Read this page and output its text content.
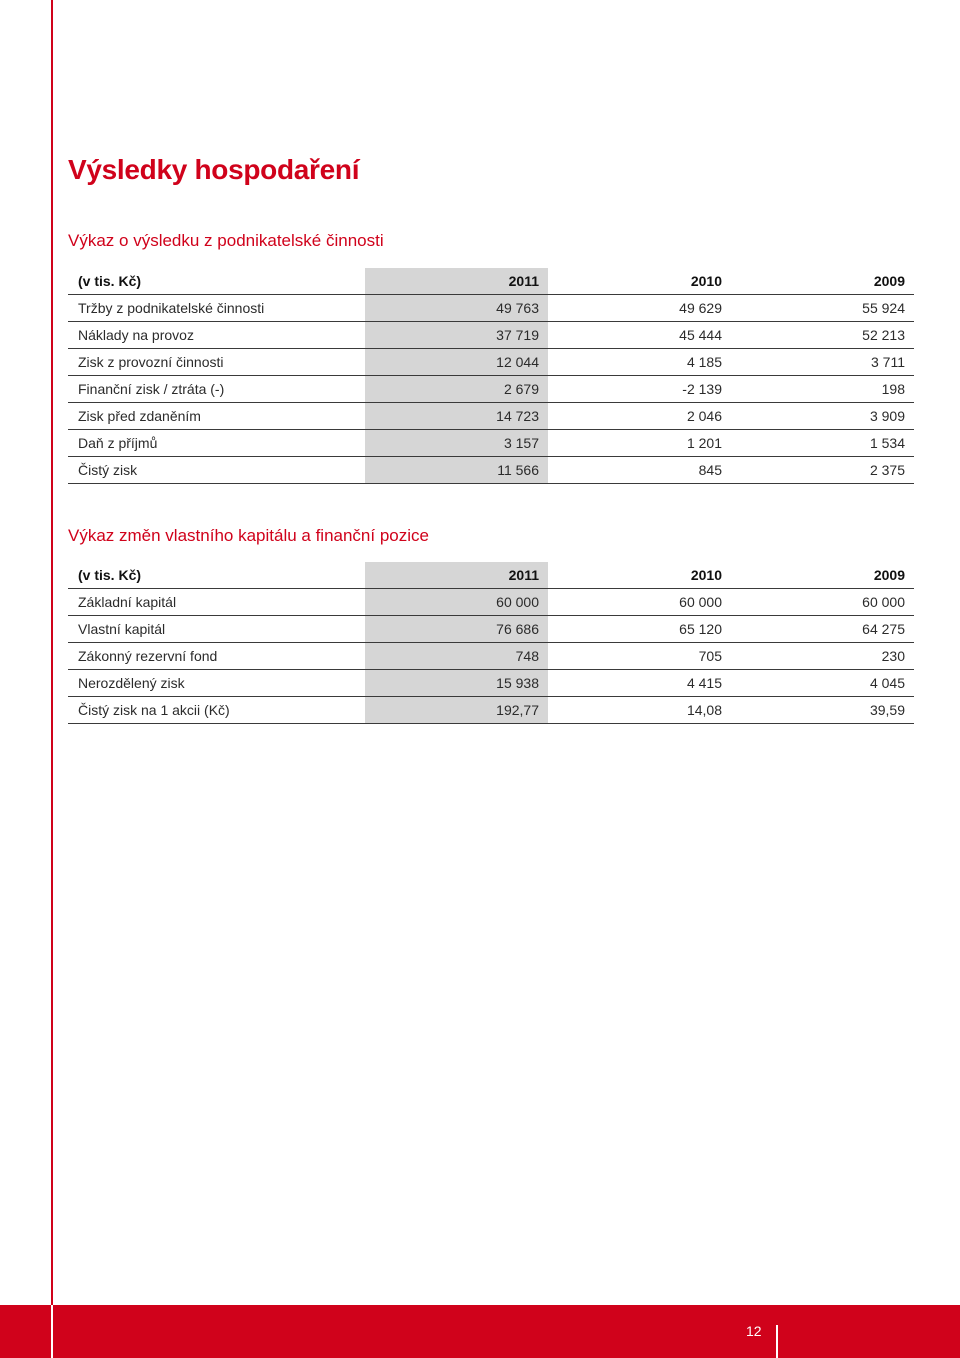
Výsledky hospodaření
Výkaz o výsledku z podnikatelské činnosti
(v tis. Kč)	2011	2010	2009
Tržby z podnikatelské činnosti	49 763	49 629	55 924
Náklady na provoz	37 719	45 444	52 213
Zisk z provozní činnosti	12 044	4 185	3 711
Finanční zisk / ztráta (-)	2 679	-2 139	198
Zisk před zdaněním	14 723	2 046	3 909
Daň z příjmů	3 157	1 201	1 534
Čistý zisk	11 566	845	2 375
Výkaz změn vlastního kapitálu a finanční pozice
(v tis. Kč)	2011	2010	2009
Základní kapitál	60 000	60 000	60 000
Vlastní kapitál	76 686	65 120	64 275
Zákonný rezervní fond	748	705	230
Nerozdělený zisk	15 938	4 415	4 045
Čistý zisk na 1 akcii (Kč)	192,77	14,08	39,59
12
